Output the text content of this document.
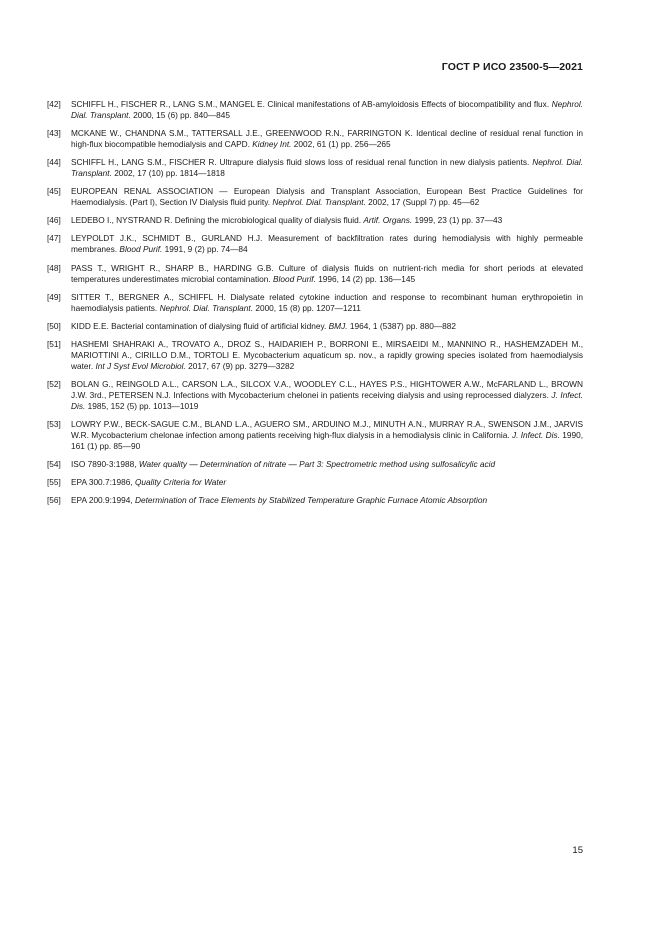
ГОСТ Р ИСО 23500-5—2021
[42]	SCHIFFL H., FISCHER R., LANG S.M., MANGEL E. Clinical manifestations of AB-amyloidosis Effects of biocompatibility and flux. Nephrol. Dial. Transplant. 2000, 15 (6) pp. 840—845
[43]	MCKANE W., CHANDNA S.M., TATTERSALL J.E., GREENWOOD R.N., FARRINGTON K. Identical decline of residual renal function in high-flux biocompatible hemodialysis and CAPD. Kidney Int. 2002, 61 (1) pp. 256—265
[44]	SCHIFFL H., LANG S.M., FISCHER R. Ultrapure dialysis fluid slows loss of residual renal function in new dialysis patients. Nephrol. Dial. Transplant. 2002, 17 (10) pp. 1814—1818
[45]	EUROPEAN RENAL ASSOCIATION — European Dialysis and Transplant Association, European Best Practice Guidelines for Haemodialysis. (Part I), Section IV Dialysis fluid purity. Nephrol. Dial. Transplant. 2002, 17 (Suppl 7) pp. 45—62
[46]	LEDEBO I., NYSTRAND R. Defining the microbiological quality of dialysis fluid. Artif. Organs. 1999, 23 (1) pp. 37—43
[47]	LEYPOLDT J.K., SCHMIDT B., GURLAND H.J. Measurement of backfiltration rates during hemodialysis with highly permeable membranes. Blood Purif. 1991, 9 (2) pp. 74—84
[48]	PASS T., WRIGHT R., SHARP B., HARDING G.B. Culture of dialysis fluids on nutrient-rich media for short periods at elevated temperatures underestimates microbial contamination. Blood Purif. 1996, 14 (2) pp. 136—145
[49]	SITTER T., BERGNER A., SCHIFFL H. Dialysate related cytokine induction and response to recombinant human erythropoietin in haemodialysis patients. Nephrol. Dial. Transplant. 2000, 15 (8) pp. 1207—1211
[50]	KIDD E.E. Bacterial contamination of dialysing fluid of artificial kidney. BMJ. 1964, 1 (5387) pp. 880—882
[51]	HASHEMI SHAHRAKI A., TROVATO A., DROZ S., HAIDARIEH P., BORRONI E., MIRSAEIDI M., MANNINO R., HASHEMZADEH M., MARIOTTINI A., CIRILLO D.M., TORTOLI E. Mycobacterium aquaticum sp. nov., a rapidly growing species isolated from haemodialysis water. Int J Syst Evol Microbiol. 2017, 67 (9) pp. 3279—3282
[52]	BOLAN G., REINGOLD A.L., CARSON L.A., SILCOX V.A., WOODLEY C.L., HAYES P.S., HIGHTOWER A.W., McFARLAND L., BROWN J.W. 3rd., PETERSEN N.J. Infections with Mycobacterium chelonei in patients receiving dialysis and using reprocessed dialyzers. J. Infect. Dis. 1985, 152 (5) pp. 1013—1019
[53]	LOWRY P.W., BECK-SAGUE C.M., BLAND L.A., AGUERO SM., ARDUINO M.J., MINUTH A.N., MURRAY R.A., SWENSON J.M., JARVIS W.R. Mycobacterium chelonae infection among patients receiving high-flux dialysis in a hemodialysis clinic in California. J. Infect. Dis. 1990, 161 (1) pp. 85—90
[54]	ISO 7890-3:1988, Water quality — Determination of nitrate — Part 3: Spectrometric method using sulfosalicylic acid
[55]	EPA 300.7:1986, Quality Criteria for Water
[56]	EPA 200.9:1994, Determination of Trace Elements by Stabilized Temperature Graphic Furnace Atomic Absorption
15
